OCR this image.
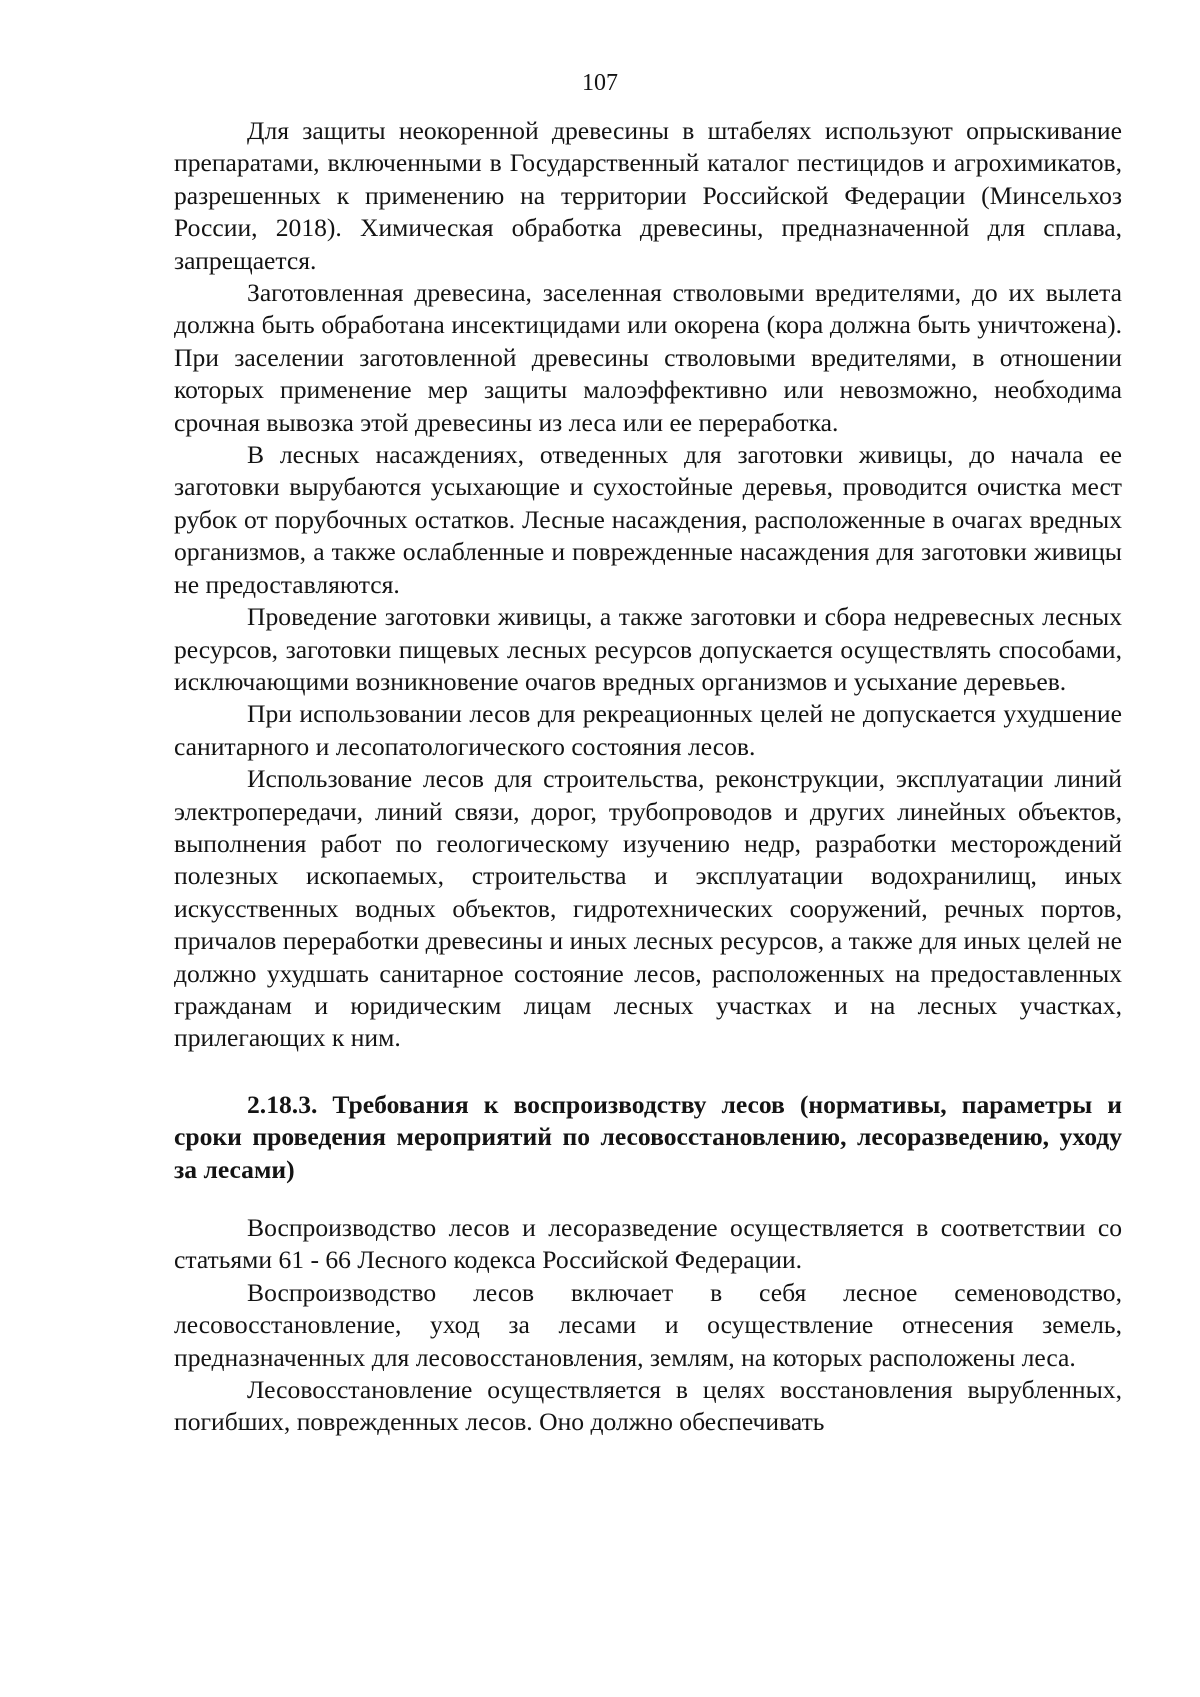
107

Для защиты неокоренной древесины в штабелях используют опрыскивание препаратами, включенными в Государственный каталог пестицидов и агрохимикатов, разрешенных к применению на территории Российской Федерации (Минсельхоз России, 2018). Химическая обработка древесины, предназначенной для сплава, запрещается.

Заготовленная древесина, заселенная стволовыми вредителями, до их вылета должна быть обработана инсектицидами или окорена (кора должна быть уничтожена). При заселении заготовленной древесины стволовыми вредителями, в отношении которых применение мер защиты малоэффективно или невозможно, необходима срочная вывозка этой древесины из леса или ее переработка.

В лесных насаждениях, отведенных для заготовки живицы, до начала ее заготовки вырубаются усыхающие и сухостойные деревья, проводится очистка мест рубок от порубочных остатков. Лесные насаждения, расположенные в очагах вредных организмов, а также ослабленные и поврежденные насаждения для заготовки живицы не предоставляются.

Проведение заготовки живицы, а также заготовки и сбора недревесных лесных ресурсов, заготовки пищевых лесных ресурсов допускается осуществлять способами, исключающими возникновение очагов вредных организмов и усыхание деревьев.

При использовании лесов для рекреационных целей не допускается ухудшение санитарного и лесопатологического состояния лесов.

Использование лесов для строительства, реконструкции, эксплуатации линий электропередачи, линий связи, дорог, трубопроводов и других линейных объектов, выполнения работ по геологическому изучению недр, разработки месторождений полезных ископаемых, строительства и эксплуатации водохранилищ, иных искусственных водных объектов, гидротехнических сооружений, речных портов, причалов переработки древесины и иных лесных ресурсов, а также для иных целей не должно ухудшать санитарное состояние лесов, расположенных на предоставленных гражданам и юридическим лицам лесных участках и на лесных участках, прилегающих к ним.

2.18.3. Требования к воспроизводству лесов (нормативы, параметры и сроки проведения мероприятий по лесовосстановлению, лесоразведению, уходу за лесами)

Воспроизводство лесов и лесоразведение осуществляется в соответствии со статьями 61 - 66 Лесного кодекса Российской Федерации.

Воспроизводство лесов включает в себя лесное семеноводство, лесовосстановление, уход за лесами и осуществление отнесения земель, предназначенных для лесовосстановления, землям, на которых расположены леса.

Лесовосстановление осуществляется в целях восстановления вырубленных, погибших, поврежденных лесов. Оно должно обеспечивать
